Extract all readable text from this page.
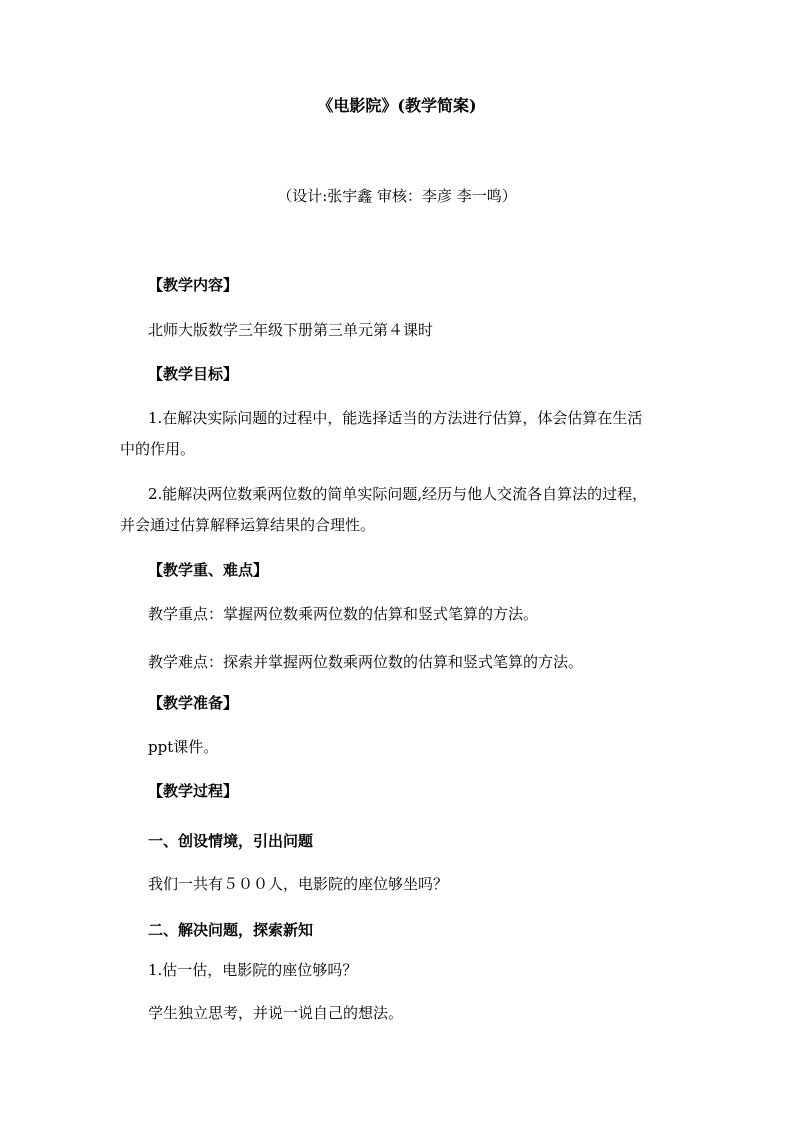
《电影院》(教学简案)
（设计:张宇鑫 审核：李彦 李一鸣）
【教学内容】
北师大版数学三年级下册第三单元第４课时
【教学目标】
1.在解决实际问题的过程中，能选择适当的方法进行估算，体会估算在生活
中的作用。
2.能解决两位数乘两位数的简单实际问题,经历与他人交流各自算法的过程，
并会通过估算解释运算结果的合理性。
【教学重、难点】
教学重点：掌握两位数乘两位数的估算和竖式笔算的方法。
教学难点：探索并掌握两位数乘两位数的估算和竖式笔算的方法。
【教学准备】
ppt课件。
【教学过程】
一、创设情境，引出问题
我们一共有５００人，电影院的座位够坐吗？
二、解决问题，探索新知
1.估一估，电影院的座位够吗？
学生独立思考，并说一说自己的想法。
